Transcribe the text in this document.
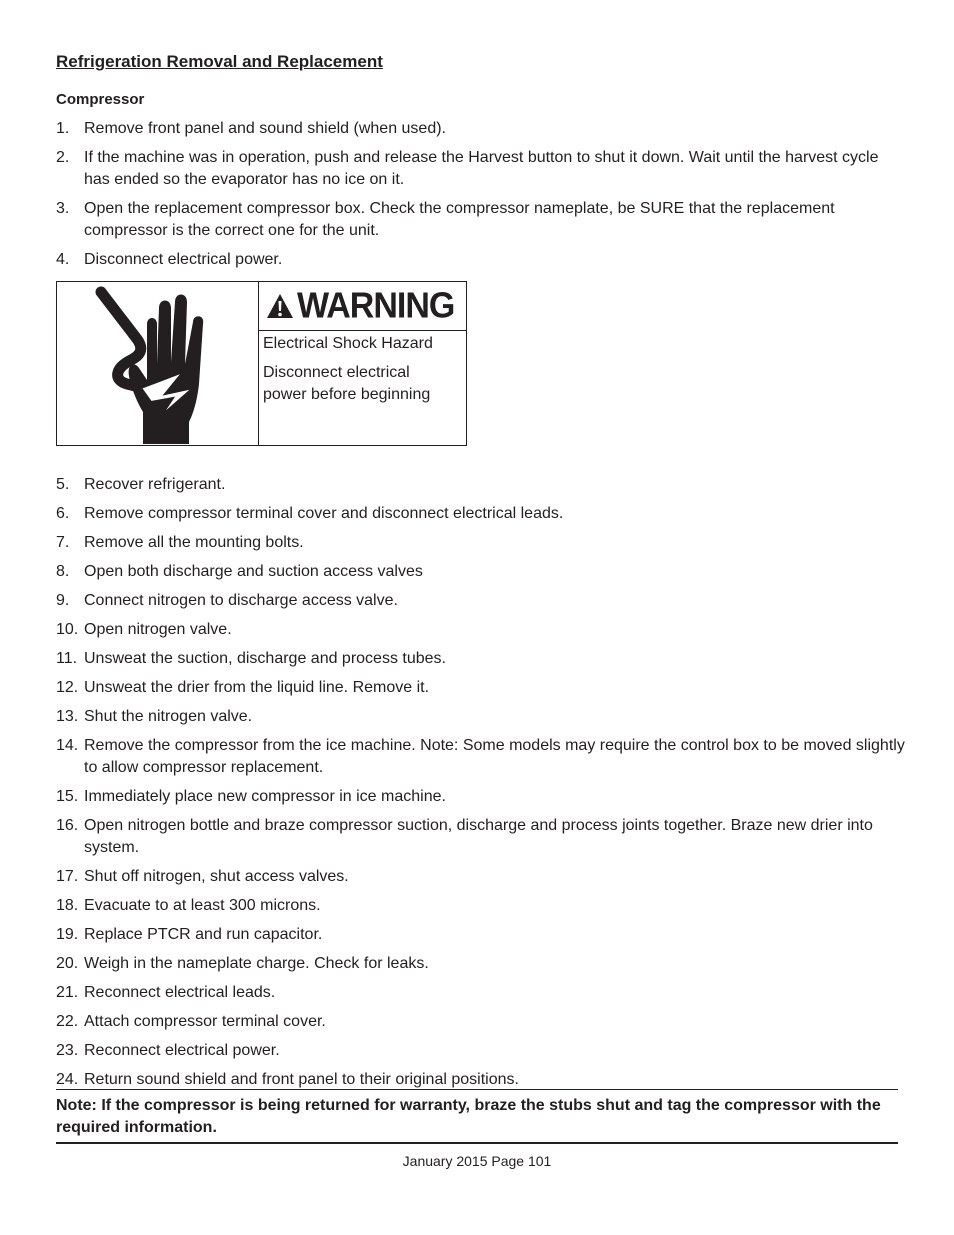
Refrigeration Removal and Replacement
Compressor
1. Remove front panel and sound shield (when used).
2. If the machine was in operation, push and release the Harvest button to shut it down. Wait until the harvest cycle has ended so the evaporator has no ice on it.
3. Open the replacement compressor box. Check the compressor nameplate, be SURE that the replacement compressor is the correct one for the unit.
4. Disconnect electrical power.
WARNING
Electrical Shock Hazard
Disconnect electrical power before beginning
5. Recover refrigerant.
6. Remove compressor terminal cover and disconnect electrical leads.
7. Remove all the mounting bolts.
8. Open both discharge and suction access valves
9. Connect nitrogen to discharge access valve.
10. Open nitrogen valve.
11. Unsweat the suction, discharge and process tubes.
12. Unsweat the drier from the liquid line. Remove it.
13. Shut the nitrogen valve.
14. Remove the compressor from the ice machine. Note: Some models may require the control box to be moved slightly to allow compressor replacement.
15. Immediately place new compressor in ice machine.
16. Open nitrogen bottle and braze compressor suction, discharge and process joints together. Braze new drier into system.
17. Shut off nitrogen, shut access valves.
18. Evacuate to at least 300 microns.
19. Replace PTCR and run capacitor.
20. Weigh in the nameplate charge. Check for leaks.
21. Reconnect electrical leads.
22. Attach compressor terminal cover.
23. Reconnect electrical power.
24. Return sound shield and front panel to their original positions.
Note: If the compressor is being returned for warranty, braze the stubs shut and tag the compressor with the required information.
January 2015 Page 101
